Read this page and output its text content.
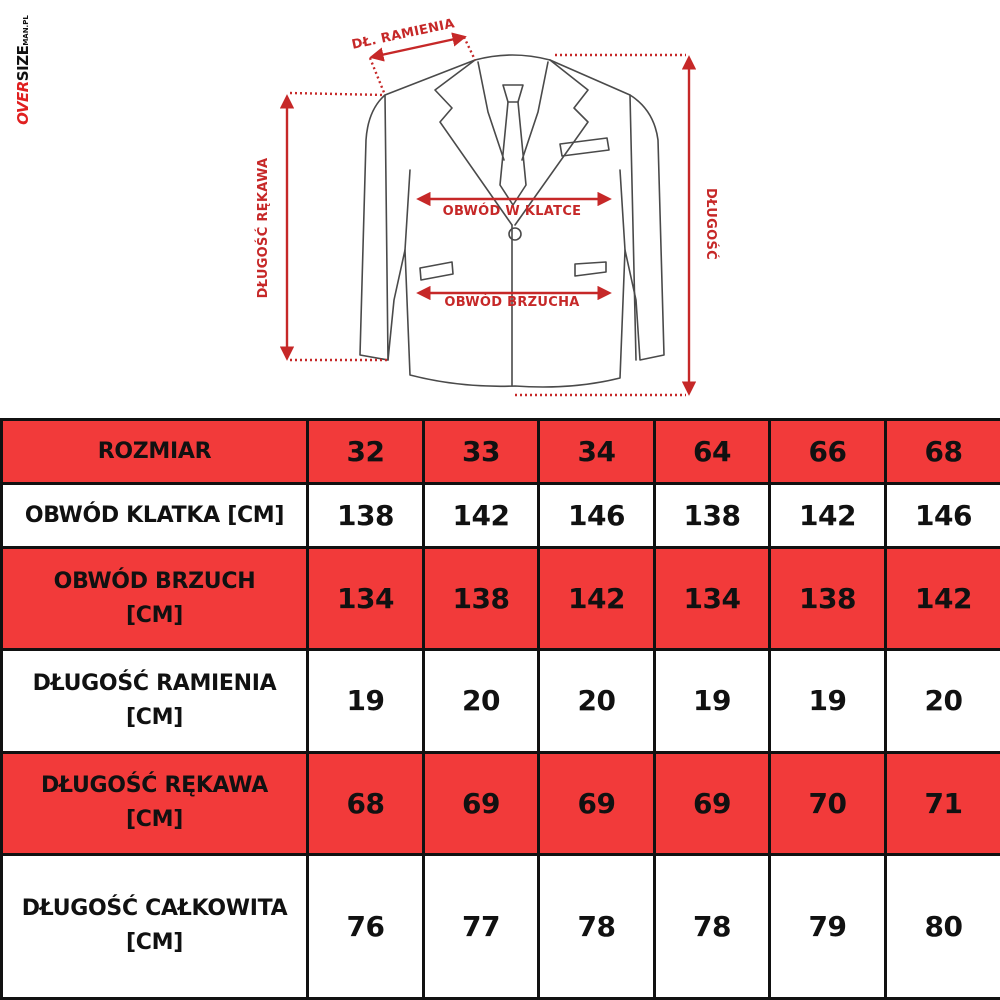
OVERSIZEMAN.PL	DŁ. RAMIENIA
DŁUGOŚĆ RĘKAWA	OBWÓD W KLATCE
OBWÓD BRZUCHA
DŁUGOŚĆ
ROZMIAR	32	33	34	64	66	68
OBWÓD KLATKA [CM]	138	142	146	138	142	146
OBWÓD BRZUCH
[CM]	134	138	142	134	138	142
DŁUGOŚĆ RAMIENIA
[CM]	19	20	20	19	19	20
DŁUGOŚĆ RĘKAWA
[CM]	68	69	69	69	70	71
DŁUGOŚĆ CAŁKOWITA
[CM]	76	77	78	78	79	80
